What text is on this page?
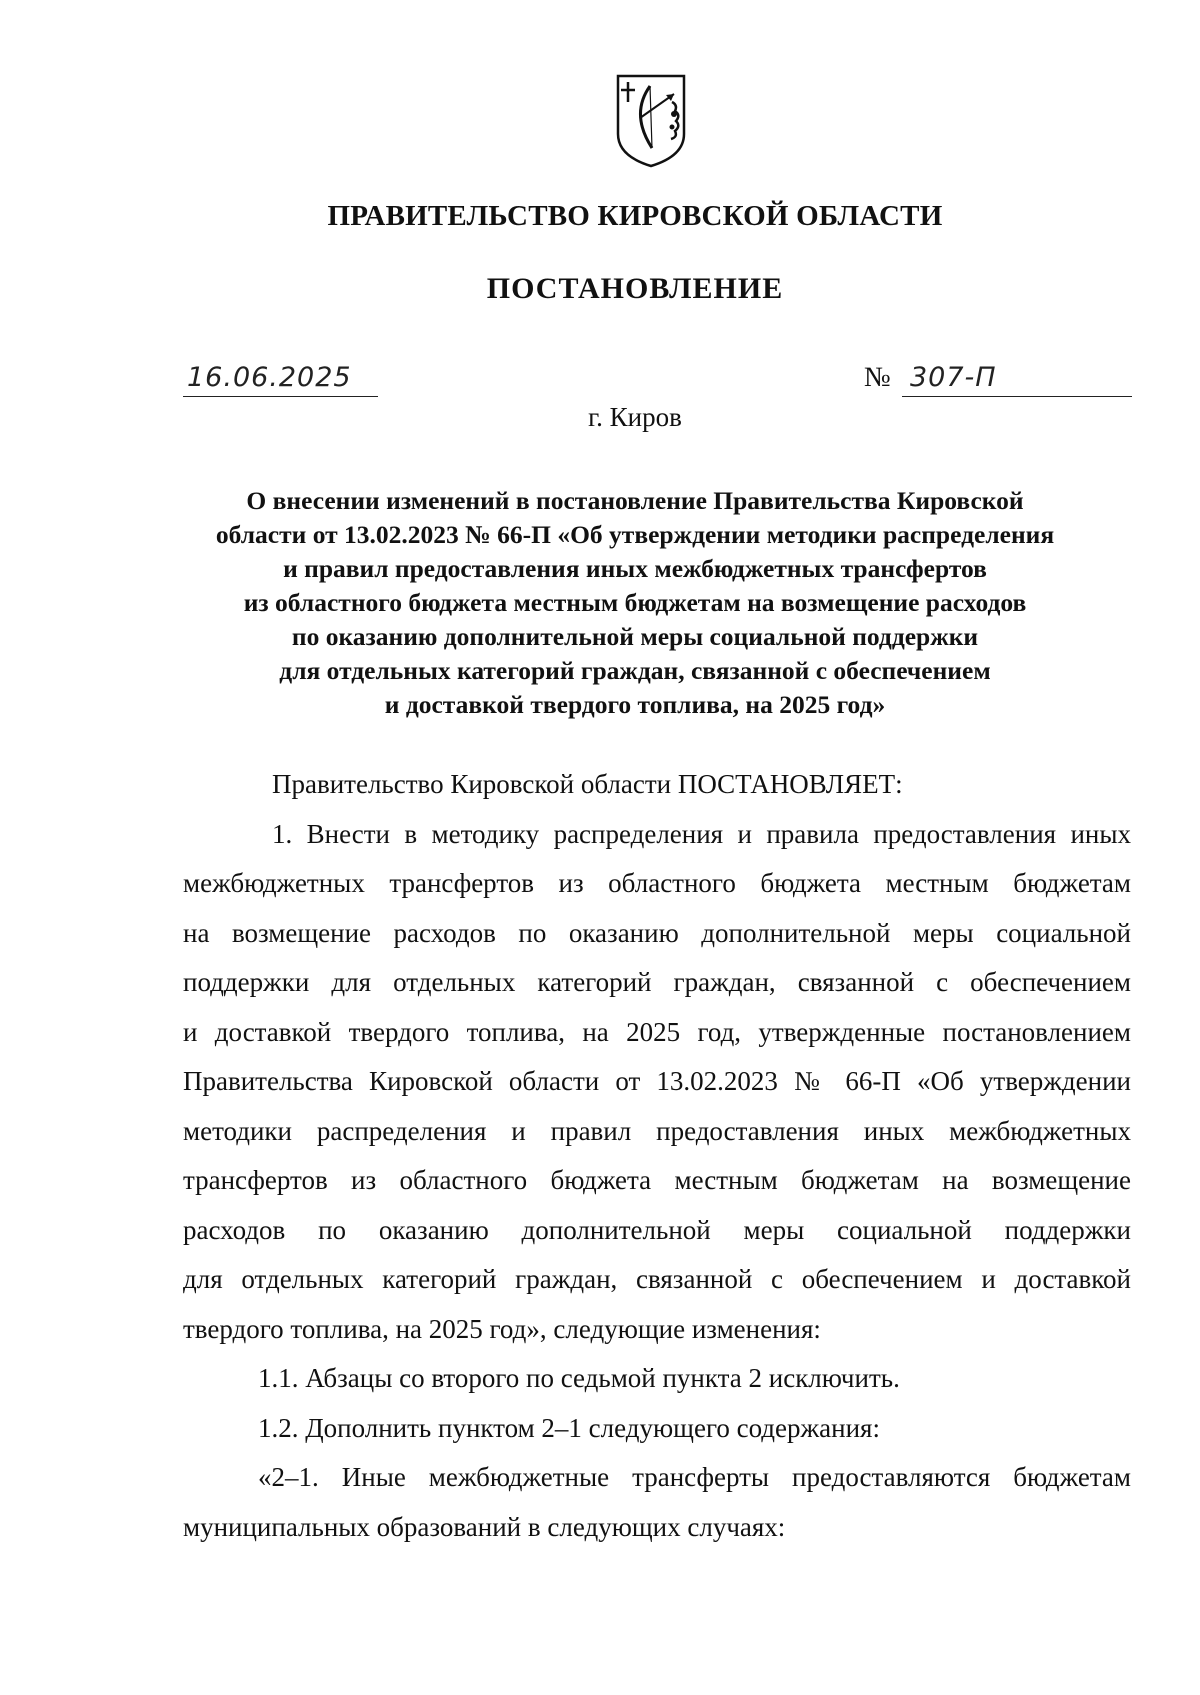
ПРАВИТЕЛЬСТВО КИРОВСКОЙ ОБЛАСТИ
ПОСТАНОВЛЕНИЕ
16.06.2025	№ 307-П
г. Киров
О внесении изменений в постановление Правительства Кировской
области от 13.02.2023 № 66-П «Об утверждении методики распределения
и правил предоставления иных межбюджетных трансфертов
из областного бюджета местным бюджетам на возмещение расходов
по оказанию дополнительной меры социальной поддержки
для отдельных категорий граждан, связанной с обеспечением
и доставкой твердого топлива, на 2025 год»
Правительство Кировской области ПОСТАНОВЛЯЕТ:
1. Внести в методику распределения и правила предоставления иных
межбюджетных трансфертов из областного бюджета местным бюджетам
на возмещение расходов по оказанию дополнительной меры социальной
поддержки для отдельных категорий граждан, связанной с обеспечением
и доставкой твердого топлива, на 2025 год, утвержденные постановлением
Правительства Кировской области от 13.02.2023 № 66-П «Об утверждении
методики распределения и правил предоставления иных межбюджетных
трансфертов из областного бюджета местным бюджетам на возмещение
расходов по оказанию дополнительной меры социальной поддержки
для отдельных категорий граждан, связанной с обеспечением и доставкой
твердого топлива, на 2025 год», следующие изменения:
1.1. Абзацы со второго по седьмой пункта 2 исключить.
1.2. Дополнить пунктом 2–1 следующего содержания:
«2–1. Иные межбюджетные трансферты предоставляются бюджетам
муниципальных образований в следующих случаях:
